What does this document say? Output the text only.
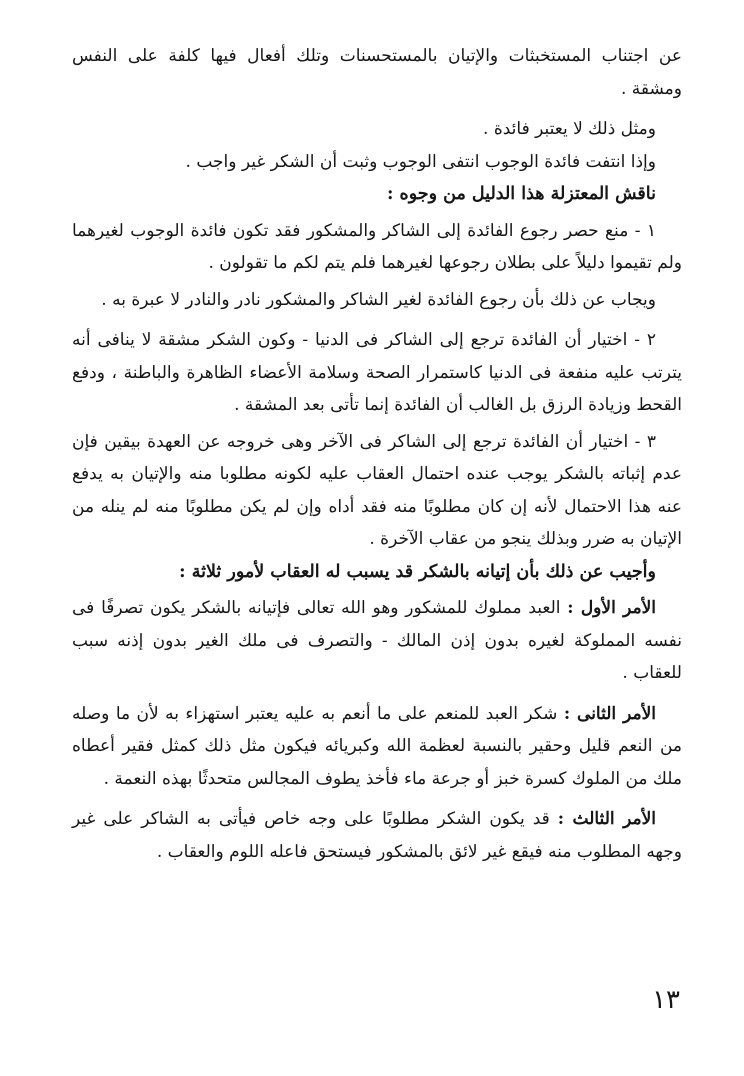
عن اجتناب المستخبثات والإتيان بالمستحسنات وتلك أفعال فيها كلفة على النفس ومشقة .

ومثل ذلك لا يعتبر فائدة .

وإذا انتفت فائدة الوجوب انتفى الوجوب وثبت أن الشكر غير واجب .

ناقش المعتزلة هذا الدليل من وجوه :

١ - منع حصر رجوع الفائدة إلى الشاكر والمشكور فقد تكون فائدة الوجوب لغيرهما ولم تقيموا دليلاً على بطلان رجوعها لغيرهما فلم يتم لكم ما تقولون .

ويجاب عن ذلك بأن رجوع الفائدة لغير الشاكر والمشكور نادر والنادر لا عبرة به .

٢ - اختيار أن الفائدة ترجع إلى الشاكر فى الدنيا - وكون الشكر مشقة لا ينافى أنه يترتب عليه منفعة فى الدنيا كاستمرار الصحة وسلامة الأعضاء الظاهرة والباطنة ، ودفع القحط وزيادة الرزق بل الغالب أن الفائدة إنما تأتى بعد المشقة .

٣ - اختيار أن الفائدة ترجع إلى الشاكر فى الآخر وهى خروجه عن العهدة بيقين فإن عدم إثباته بالشكر يوجب عنده احتمال العقاب عليه لكونه مطلوبا منه والإتيان به يدفع عنه هذا الاحتمال لأنه إن كان مطلوبًا منه فقد أداه وإن لم يكن مطلوبًا منه لم ينله من الإتيان به ضرر وبذلك ينجو من عقاب الآخرة .

وأجيب عن ذلك بأن إتيانه بالشكر قد يسبب له العقاب لأمور ثلاثة :

الأمر الأول : العبد مملوك للمشكور وهو الله تعالى فإتيانه بالشكر يكون تصرفًا فى نفسه المملوكة لغيره بدون إذن المالك - والتصرف فى ملك الغير بدون إذنه سبب للعقاب .

الأمر الثانى : شكر العبد للمنعم على ما أنعم به عليه يعتبر استهزاء به لأن ما وصله من النعم قليل وحقير بالنسبة لعظمة الله وكبريائه فيكون مثل ذلك كمثل فقير أعطاه ملك من الملوك كسرة خبز أو جرعة ماء فأخذ يطوف المجالس متحدثًا بهذه النعمة .

الأمر الثالث : قد يكون الشكر مطلوبًا على وجه خاص فيأتى به الشاكر على غير وجهه المطلوب منه فيقع غير لائق بالمشكور فيستحق فاعله اللوم والعقاب .

١٣
